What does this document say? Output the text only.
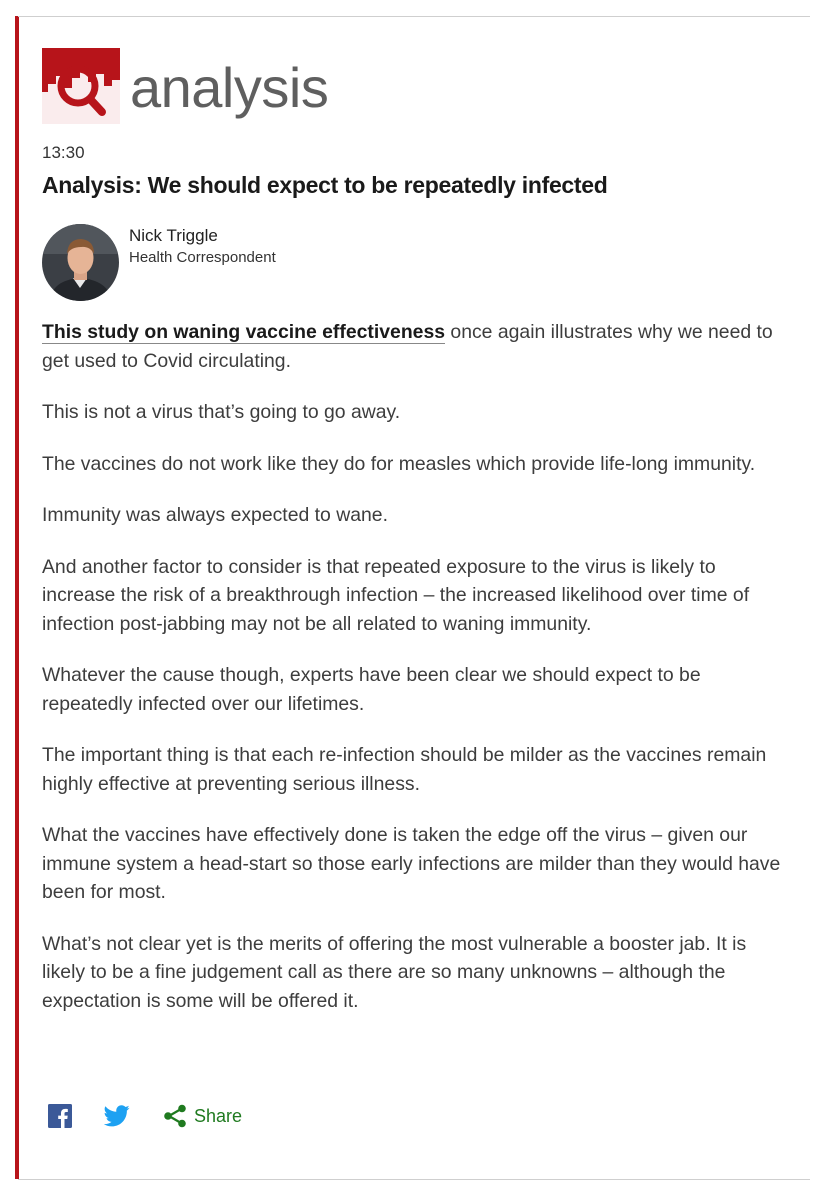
analysis
13:30
Analysis: We should expect to be repeatedly infected
Nick Triggle
Health Correspondent

This study on waning vaccine effectiveness once again illustrates why we need to get used to Covid circulating.

This is not a virus that’s going to go away.

The vaccines do not work like they do for measles which provide life-long immunity.

Immunity was always expected to wane.

And another factor to consider is that repeated exposure to the virus is likely to increase the risk of a breakthrough infection – the increased likelihood over time of infection post-jabbing may not be all related to waning immunity.

Whatever the cause though, experts have been clear we should expect to be repeatedly infected over our lifetimes.

The important thing is that each re-infection should be milder as the vaccines remain highly effective at preventing serious illness.

What the vaccines have effectively done is taken the edge off the virus – given our immune system a head-start so those early infections are milder than they would have been for most.

What’s not clear yet is the merits of offering the most vulnerable a booster jab. It is likely to be a fine judgement call as there are so many unknowns – although the expectation is some will be offered it.

Share
